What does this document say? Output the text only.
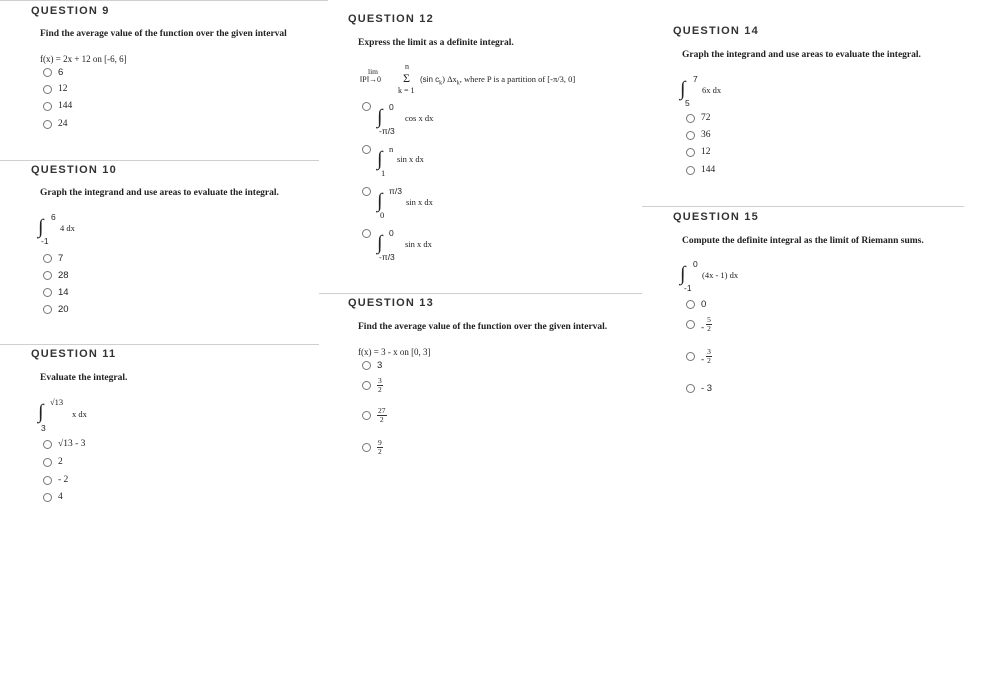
QUESTION 9
Find the average value of the function over the given interval
f(x) = 2x + 12 on [-6, 6]
6
12
144
24
QUESTION 10
Graph the integrand and use areas to evaluate the integral.
∫ 6
-1
4 dx
7
28
14
20
QUESTION 11
Evaluate the integral.
∫ √13
3
x dx
√13 - 3
2
- 2
4
QUESTION 12
Express the limit as a definite integral.
lim
‖P‖→0
n
Σ
k = 1
(sin $c_k$) $\Delta x_k$, where P is a partition of [-π/3, 0]
∫ 0
-π/3
cos x dx
∫ n
1
sin x dx
∫ π/3
0
sin x dx
∫ 0
-π/3
sin x dx
QUESTION 13
Find the average value of the function over the given interval.
f(x) = 3 - x on [0, 3]
3
$\frac{3}{2}$
$\frac{27}{2}$
$\frac{9}{2}$
QUESTION 14
Graph the integrand and use areas to evaluate the integral.
∫ 7
5
6x dx
72
36
12
144
QUESTION 15
Compute the definite integral as the limit of Riemann sums.
∫ 0
-1
(4x - 1) dx
0
- $\frac{5}{2}$
- $\frac{3}{2}$
- 3
